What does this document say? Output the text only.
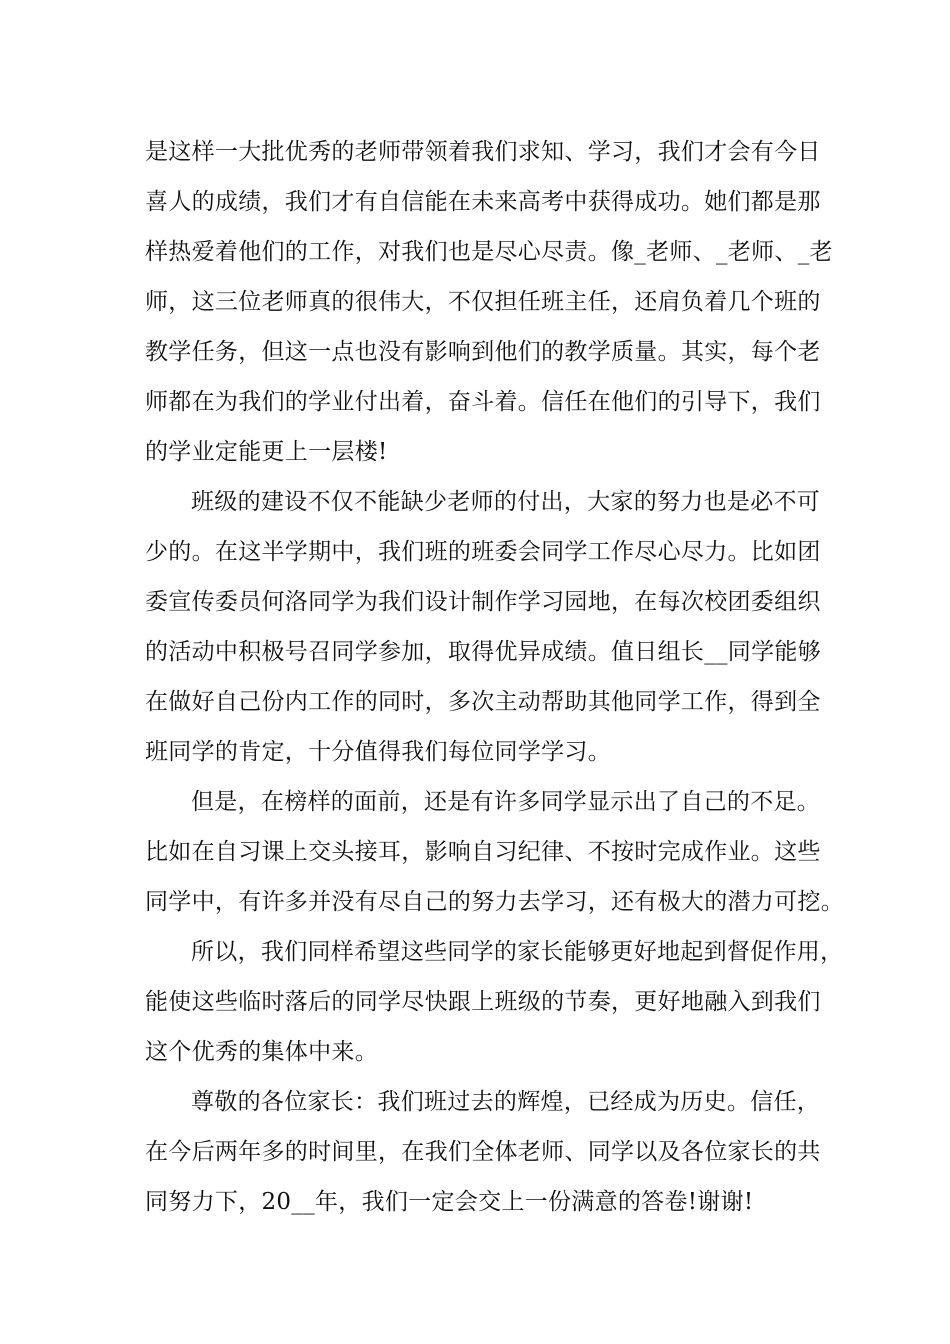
是这样一大批优秀的老师带领着我们求知、学习，我们才会有今日

喜人的成绩，我们才有自信能在未来高考中获得成功。她们都是那

样热爱着他们的工作，对我们也是尽心尽责。像_老师、_老师、_老

师，这三位老师真的很伟大，不仅担任班主任，还肩负着几个班的

教学任务，但这一点也没有影响到他们的教学质量。其实，每个老

师都在为我们的学业付出着，奋斗着。信任在他们的引导下，我们

的学业定能更上一层楼!

班级的建设不仅不能缺少老师的付出，大家的努力也是必不可

少的。在这半学期中，我们班的班委会同学工作尽心尽力。比如团

委宣传委员何洛同学为我们设计制作学习园地，在每次校团委组织

的活动中积极号召同学参加，取得优异成绩。值日组长__同学能够

在做好自己份内工作的同时，多次主动帮助其他同学工作，得到全

班同学的肯定，十分值得我们每位同学学习。

但是，在榜样的面前，还是有许多同学显示出了自己的不足。

比如在自习课上交头接耳，影响自习纪律、不按时完成作业。这些

同学中，有许多并没有尽自己的努力去学习，还有极大的潜力可挖。

所以，我们同样希望这些同学的家长能够更好地起到督促作用，

能使这些临时落后的同学尽快跟上班级的节奏，更好地融入到我们

这个优秀的集体中来。

尊敬的各位家长：我们班过去的辉煌，已经成为历史。信任，

在今后两年多的时间里，在我们全体老师、同学以及各位家长的共

同努力下，20__年，我们一定会交上一份满意的答卷!谢谢!
